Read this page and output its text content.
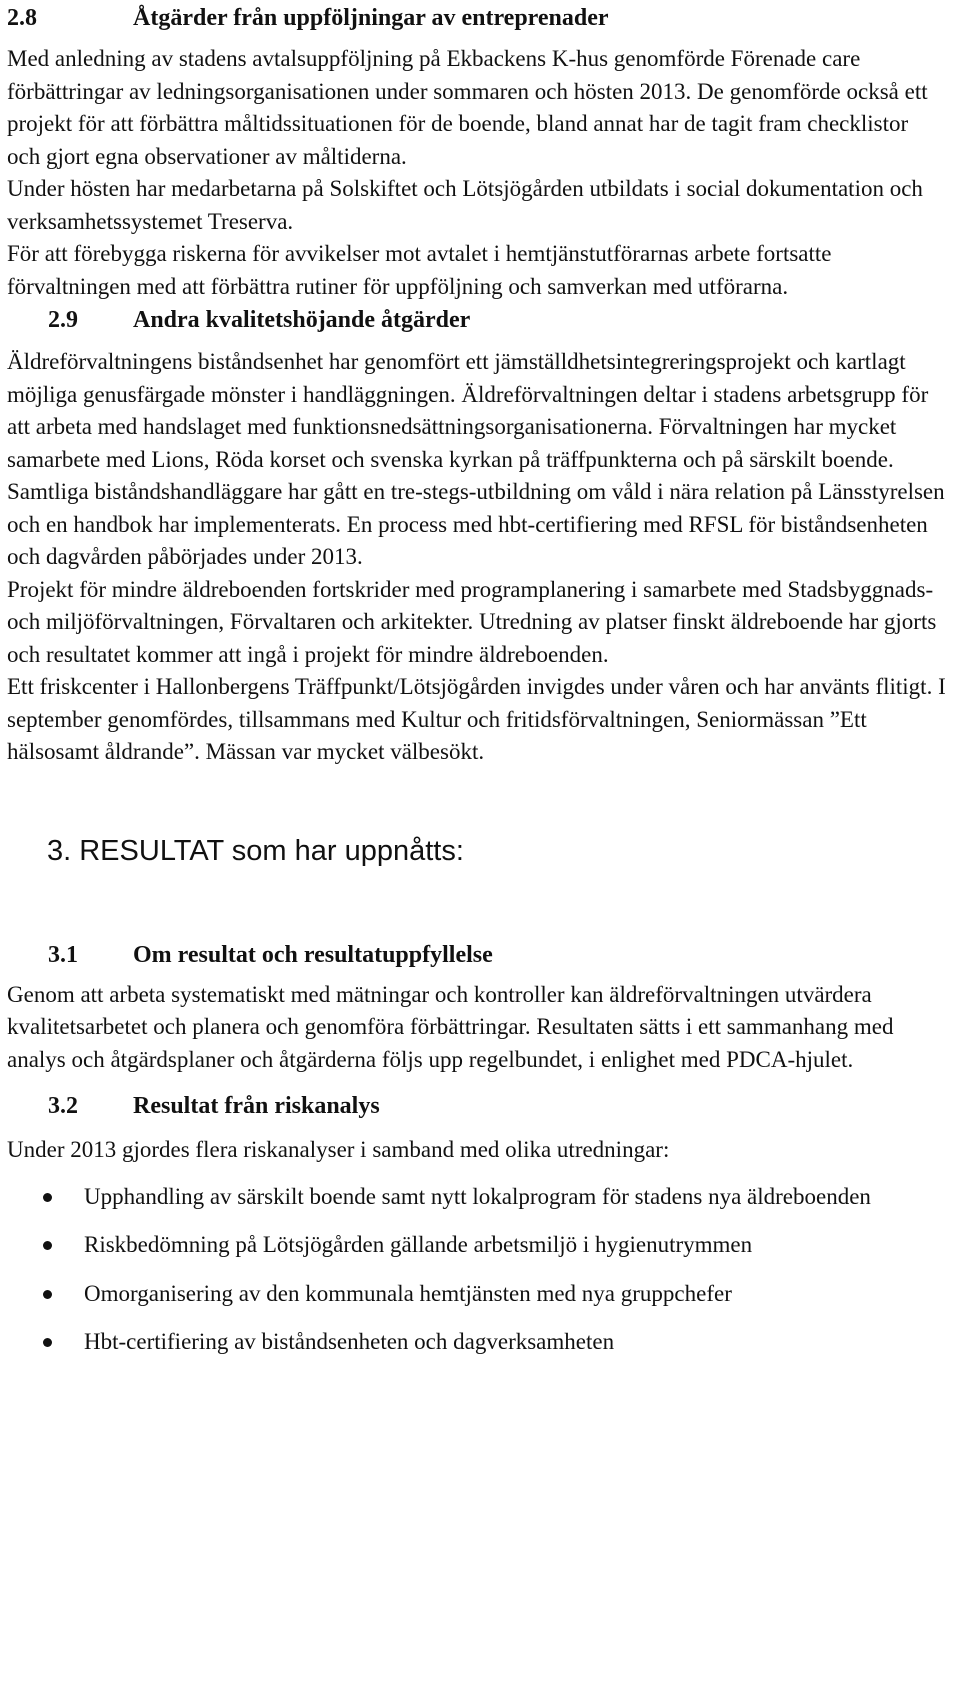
2.8	Åtgärder från uppföljningar av entreprenader

Med anledning av stadens avtalsuppföljning på Ekbackens K-hus genomförde Förenade care förbättringar av ledningsorganisationen under sommaren och hösten 2013. De genomförde också ett projekt för att förbättra måltidssituationen för de boende, bland annat har de tagit fram checklistor och gjort egna observationer av måltiderna.

Under hösten har medarbetarna på Solskiftet och Lötsjögården utbildats i social dokumentation och verksamhetssystemet Treserva.

För att förebygga riskerna för avvikelser mot avtalet i hemtjänstutförarnas arbete fortsatte förvaltningen med att förbättra rutiner för uppföljning och samverkan med utförarna.

2.9	Andra kvalitetshöjande åtgärder

Äldreförvaltningens biståndsenhet har genomfört ett jämställdhetsintegreringsprojekt och kartlagt möjliga genusfärgade mönster i handläggningen. Äldreförvaltningen deltar i stadens arbetsgrupp för att arbeta med handslaget med funktionsnedsättningsorganisationerna. Förvaltningen har mycket samarbete med Lions, Röda korset och svenska kyrkan på träffpunkterna och på särskilt boende.

Samtliga biståndshandläggare har gått en tre-stegs-utbildning om våld i nära relation på Länsstyrelsen och en handbok har implementerats. En process med hbt-certifiering med RFSL för biståndsenheten och dagvården påbörjades under 2013.

Projekt för mindre äldreboenden fortskrider med programplanering i samarbete med Stadsbyggnads- och miljöförvaltningen, Förvaltaren och arkitekter. Utredning av platser finskt äldreboende har gjorts och resultatet kommer att ingå i projekt för mindre äldreboenden.

Ett friskcenter i Hallonbergens Träffpunkt/Lötsjögården invigdes under våren och har använts flitigt. I september genomfördes, tillsammans med Kultur och fritidsförvaltningen, Seniormässan ”Ett hälsosamt åldrande”. Mässan var mycket välbesökt.

3. RESULTAT som har uppnåtts:
3.1	Om resultat och resultatuppfyllelse

Genom att arbeta systematiskt med mätningar och kontroller kan äldreförvaltningen utvärdera kvalitetsarbetet och planera och genomföra förbättringar. Resultaten sätts i ett sammanhang med analys och åtgärdsplaner och åtgärderna följs upp regelbundet, i enlighet med PDCA-hjulet.

3.2	Resultat från riskanalys

Under 2013 gjordes flera riskanalyser i samband med olika utredningar:

Upphandling av särskilt boende samt nytt lokalprogram för stadens nya äldreboenden
Riskbedömning på Lötsjögården gällande arbetsmiljö i hygienutrymmen
Omorganisering av den kommunala hemtjänsten med nya gruppchefer
Hbt-certifiering av biståndsenheten och dagverksamheten
